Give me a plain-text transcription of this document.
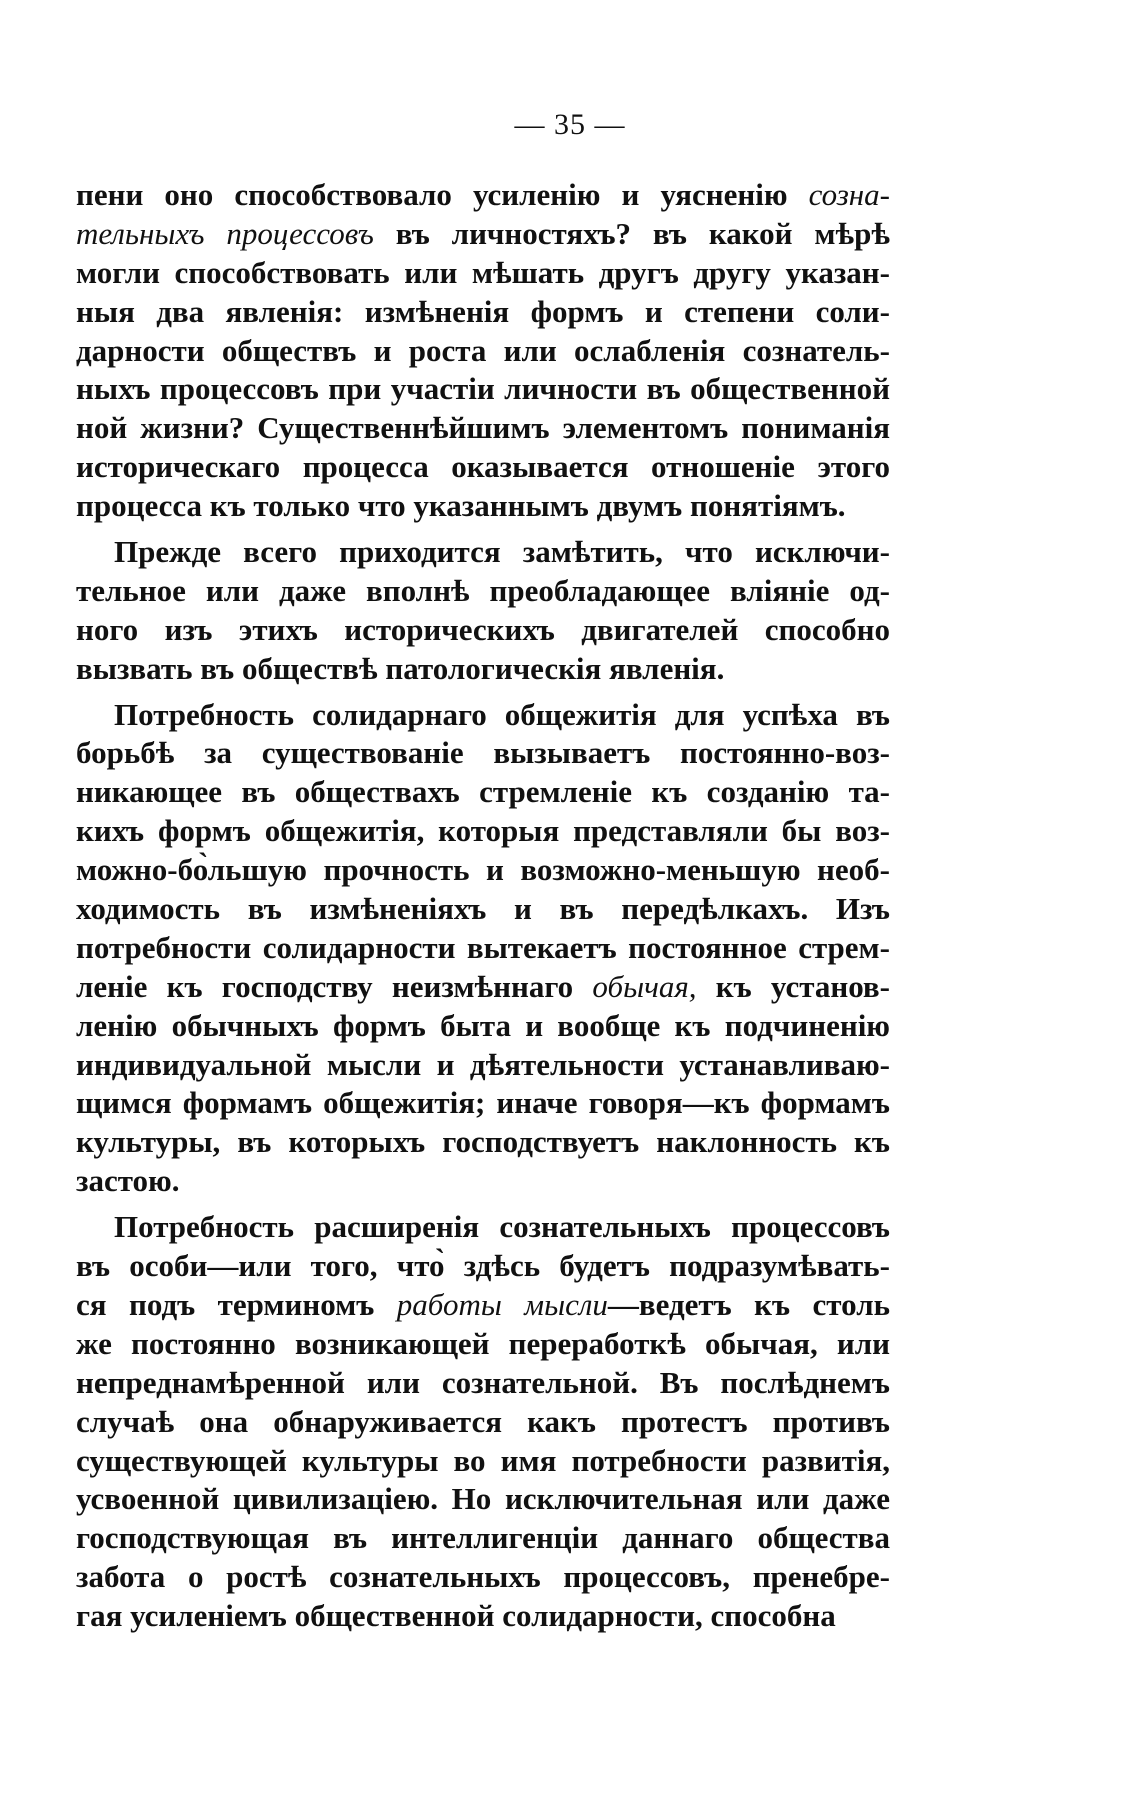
— 35 —
пени оно способствовало усиленію и уясненію созна-
тельныхъ процессовъ въ личностяхъ? въ какой мѣрѣ
могли способствовать или мѣшать другъ другу указан-
ныя два явленія: измѣненія формъ и степени соли-
дарности обществъ и роста или ослабленія сознатель-
ныхъ процессовъ при участіи личности въ общественной
ной жизни? Существеннѣйшимъ элементомъ пониманія
историческаго процесса оказывается отношеніе этого
процесса къ только что указаннымъ двумъ понятіямъ.
Прежде всего приходится замѣтить, что исключи-
тельное или даже вполнѣ преобладающее вліяніе од-
ного изъ этихъ историческихъ двигателей способно
вызвать въ обществѣ патологическія явленія.
Потребность солидарнаго общежитія для успѣха въ
борьбѣ за существованіе вызываетъ постоянно-воз-
никающее въ обществахъ стремленіе къ созданію та-
кихъ формъ общежитія, которыя представляли бы воз-
можно-бо̀льшую прочность и возможно-меньшую необ-
ходимость въ измѣненіяхъ и въ передѣлкахъ. Изъ
потребности солидарности вытекаетъ постоянное стрем-
леніе къ господству неизмѣннаго обычая, къ установ-
ленію обычныхъ формъ быта и вообще къ подчиненію
индивидуальной мысли и дѣятельности устанавливаю-
щимся формамъ общежитія; иначе говоря—къ формамъ
культуры, въ которыхъ господствуетъ наклонность къ
застою.
Потребность расширенія сознательныхъ процессовъ
въ особи—или того, что̀ здѣсь будетъ подразумѣвать-
ся подъ терминомъ работы мысли—ведетъ къ столь
же постоянно возникающей переработкѣ обычая, или
непреднамѣренной или сознательной. Въ послѣднемъ
случаѣ она обнаруживается какъ протестъ противъ
существующей культуры во имя потребности развитія,
усвоенной цивилизаціею. Но исключительная или даже
господствующая въ интеллигенціи даннаго общества
забота о ростѣ сознательныхъ процессовъ, пренебре-
гая усиленіемъ общественной солидарности, способна
